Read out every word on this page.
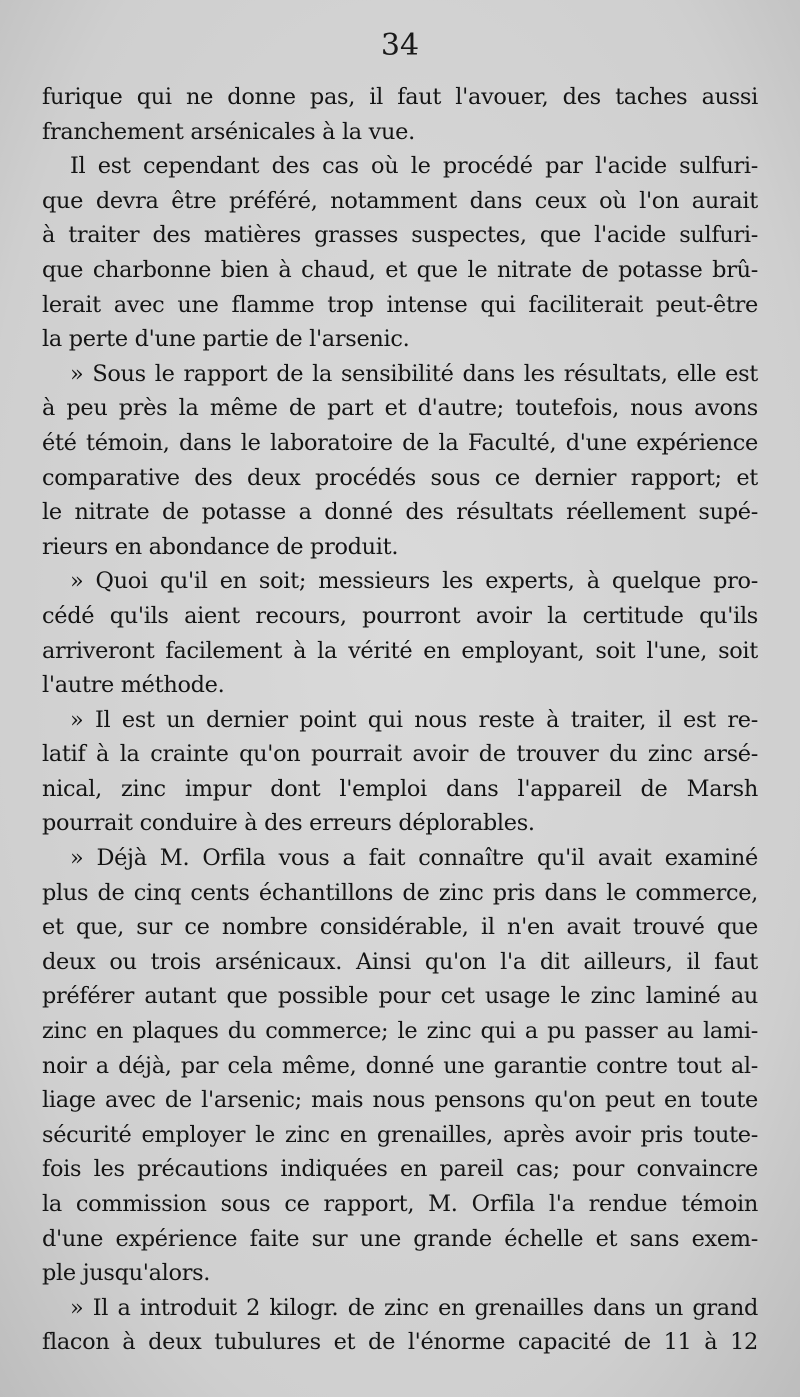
34
furique qui ne donne pas, il faut l'avouer, des taches aussi
franchement arsénicales à la vue.
Il est cependant des cas où le procédé par l'acide sulfuri-
que devra être préféré, notamment dans ceux où l'on aurait
à traiter des matières grasses suspectes, que l'acide sulfuri-
que charbonne bien à chaud, et que le nitrate de potasse brû-
lerait avec une flamme trop intense qui faciliterait peut-être
la perte d'une partie de l'arsenic.
» Sous le rapport de la sensibilité dans les résultats, elle est
à peu près la même de part et d'autre; toutefois, nous avons
été témoin, dans le laboratoire de la Faculté, d'une expérience
comparative des deux procédés sous ce dernier rapport; et
le nitrate de potasse a donné des résultats réellement supé-
rieurs en abondance de produit.
» Quoi qu'il en soit; messieurs les experts, à quelque pro-
cédé qu'ils aient recours, pourront avoir la certitude qu'ils
arriveront facilement à la vérité en employant, soit l'une, soit
l'autre méthode.
» Il est un dernier point qui nous reste à traiter, il est re-
latif à la crainte qu'on pourrait avoir de trouver du zinc arsé-
nical, zinc impur dont l'emploi dans l'appareil de Marsh
pourrait conduire à des erreurs déplorables.
» Déjà M. Orfila vous a fait connaître qu'il avait examiné
plus de cinq cents échantillons de zinc pris dans le commerce,
et que, sur ce nombre considérable, il n'en avait trouvé que
deux ou trois arsénicaux. Ainsi qu'on l'a dit ailleurs, il faut
préférer autant que possible pour cet usage le zinc laminé au
zinc en plaques du commerce; le zinc qui a pu passer au lami-
noir a déjà, par cela même, donné une garantie contre tout al-
liage avec de l'arsenic; mais nous pensons qu'on peut en toute
sécurité employer le zinc en grenailles, après avoir pris toute-
fois les précautions indiquées en pareil cas; pour convaincre
la commission sous ce rapport, M. Orfila l'a rendue témoin
d'une expérience faite sur une grande échelle et sans exem-
ple jusqu'alors.
» Il a introduit 2 kilogr. de zinc en grenailles dans un grand
flacon à deux tubulures et de l'énorme capacité de 11 à 12
